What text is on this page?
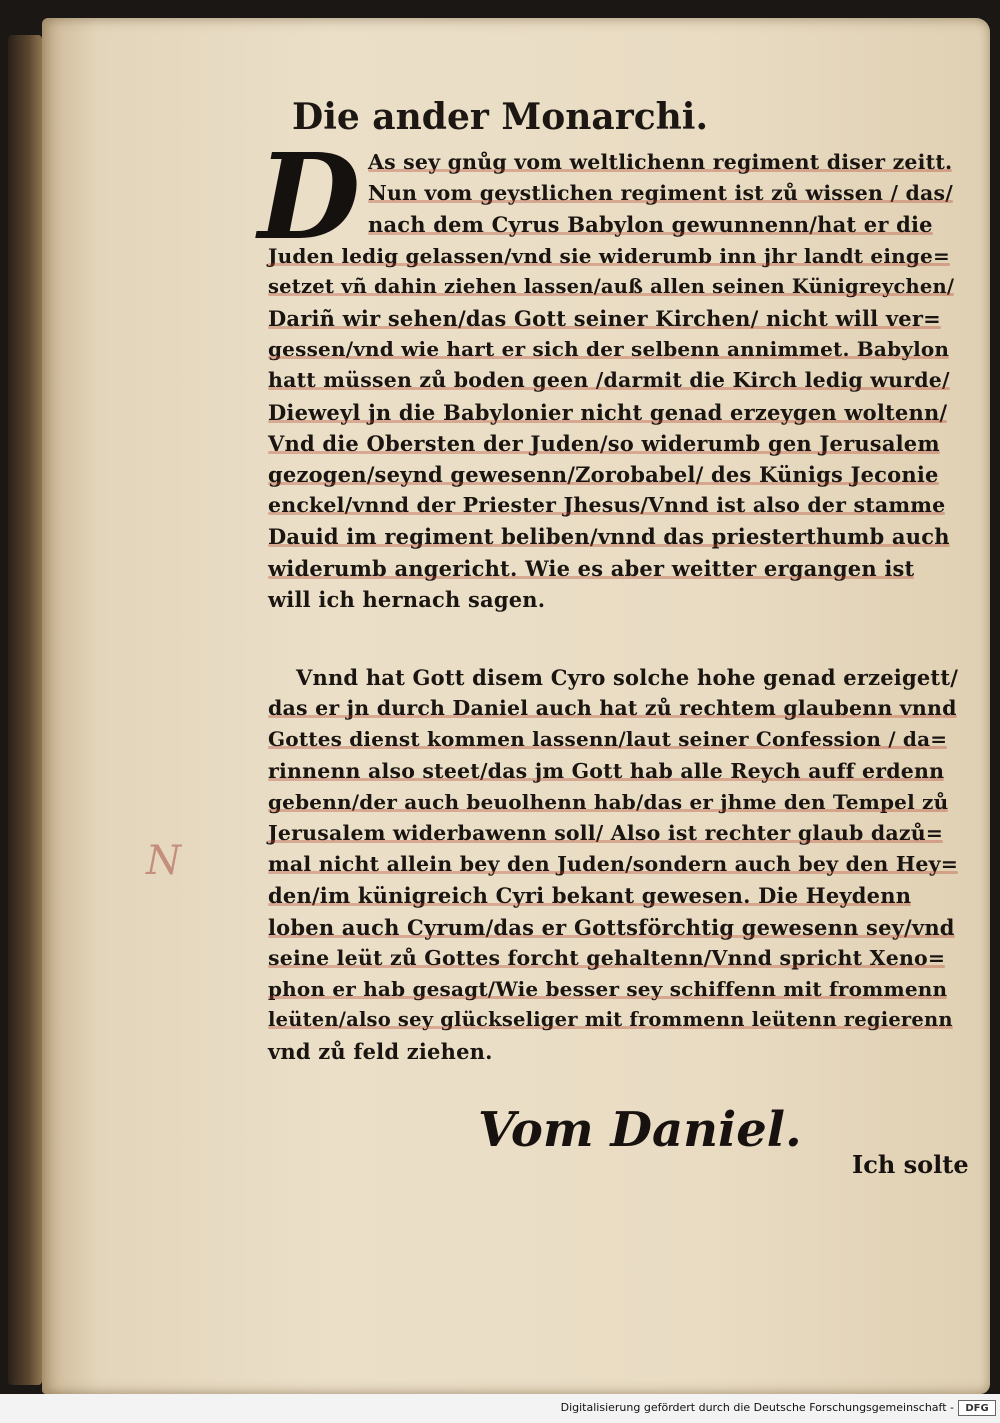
Die ander Monarchi.
D As sey gnůg vom weltlichenn regiment diser zeitt.
Nun vom geystlichen regiment ist zů wissen / das/
nach dem Cyrus Babylon gewunnenn/hat er die
Juden ledig gelassen/vnd sie widerumb inn jhr landt einge=
setzet vñ dahin ziehen lassen/auß allen seinen Künigreychen/
Dariñ wir sehen/das Gott seiner Kirchen/ nicht will ver=
gessen/vnd wie hart er sich der selbenn annimmet. Babylon
hatt müssen zů boden geen /darmit die Kirch ledig wurde/
Dieweyl jn die Babylonier nicht genad erzeygen woltenn/
Vnd die Obersten der Juden/so widerumb gen Jerusalem
gezogen/seynd gewesenn/Zorobabel/ des Künigs Jeconie
enckel/vnnd der Priester Jhesus/Vnnd ist also der stamme
Dauid im regiment beliben/vnnd das priesterthumb auch
widerumb angericht. Wie es aber weitter ergangen ist
will ich hernach sagen.
Vnnd hat Gott disem Cyro solche hohe genad erzeigett/
das er jn durch Daniel auch hat zů rechtem glaubenn vnnd
Gottes dienst kommen lassenn/laut seiner Confession / da=
rinnenn also steet/das jm Gott hab alle Reych auff erdenn
gebenn/der auch beuolhenn hab/das er jhme den Tempel zů
Jerusalem widerbawenn soll/ Also ist rechter glaub dazů=
mal nicht allein bey den Juden/sondern auch bey den Hey=
den/im künigreich Cyri bekant gewesen. Die Heydenn
loben auch Cyrum/das er Gottsförchtig gewesenn sey/vnd
seine leüt zů Gottes forcht gehaltenn/Vnnd spricht Xeno=
phon er hab gesagt/Wie besser sey schiffenn mit frommenn
leüten/also sey glückseliger mit frommenn leütenn regierenn
vnd zů feld ziehen.
N
Vom Daniel.
Ich solte
Digitalisierung gefördert durch die Deutsche Forschungsgemeinschaft -	DFG
